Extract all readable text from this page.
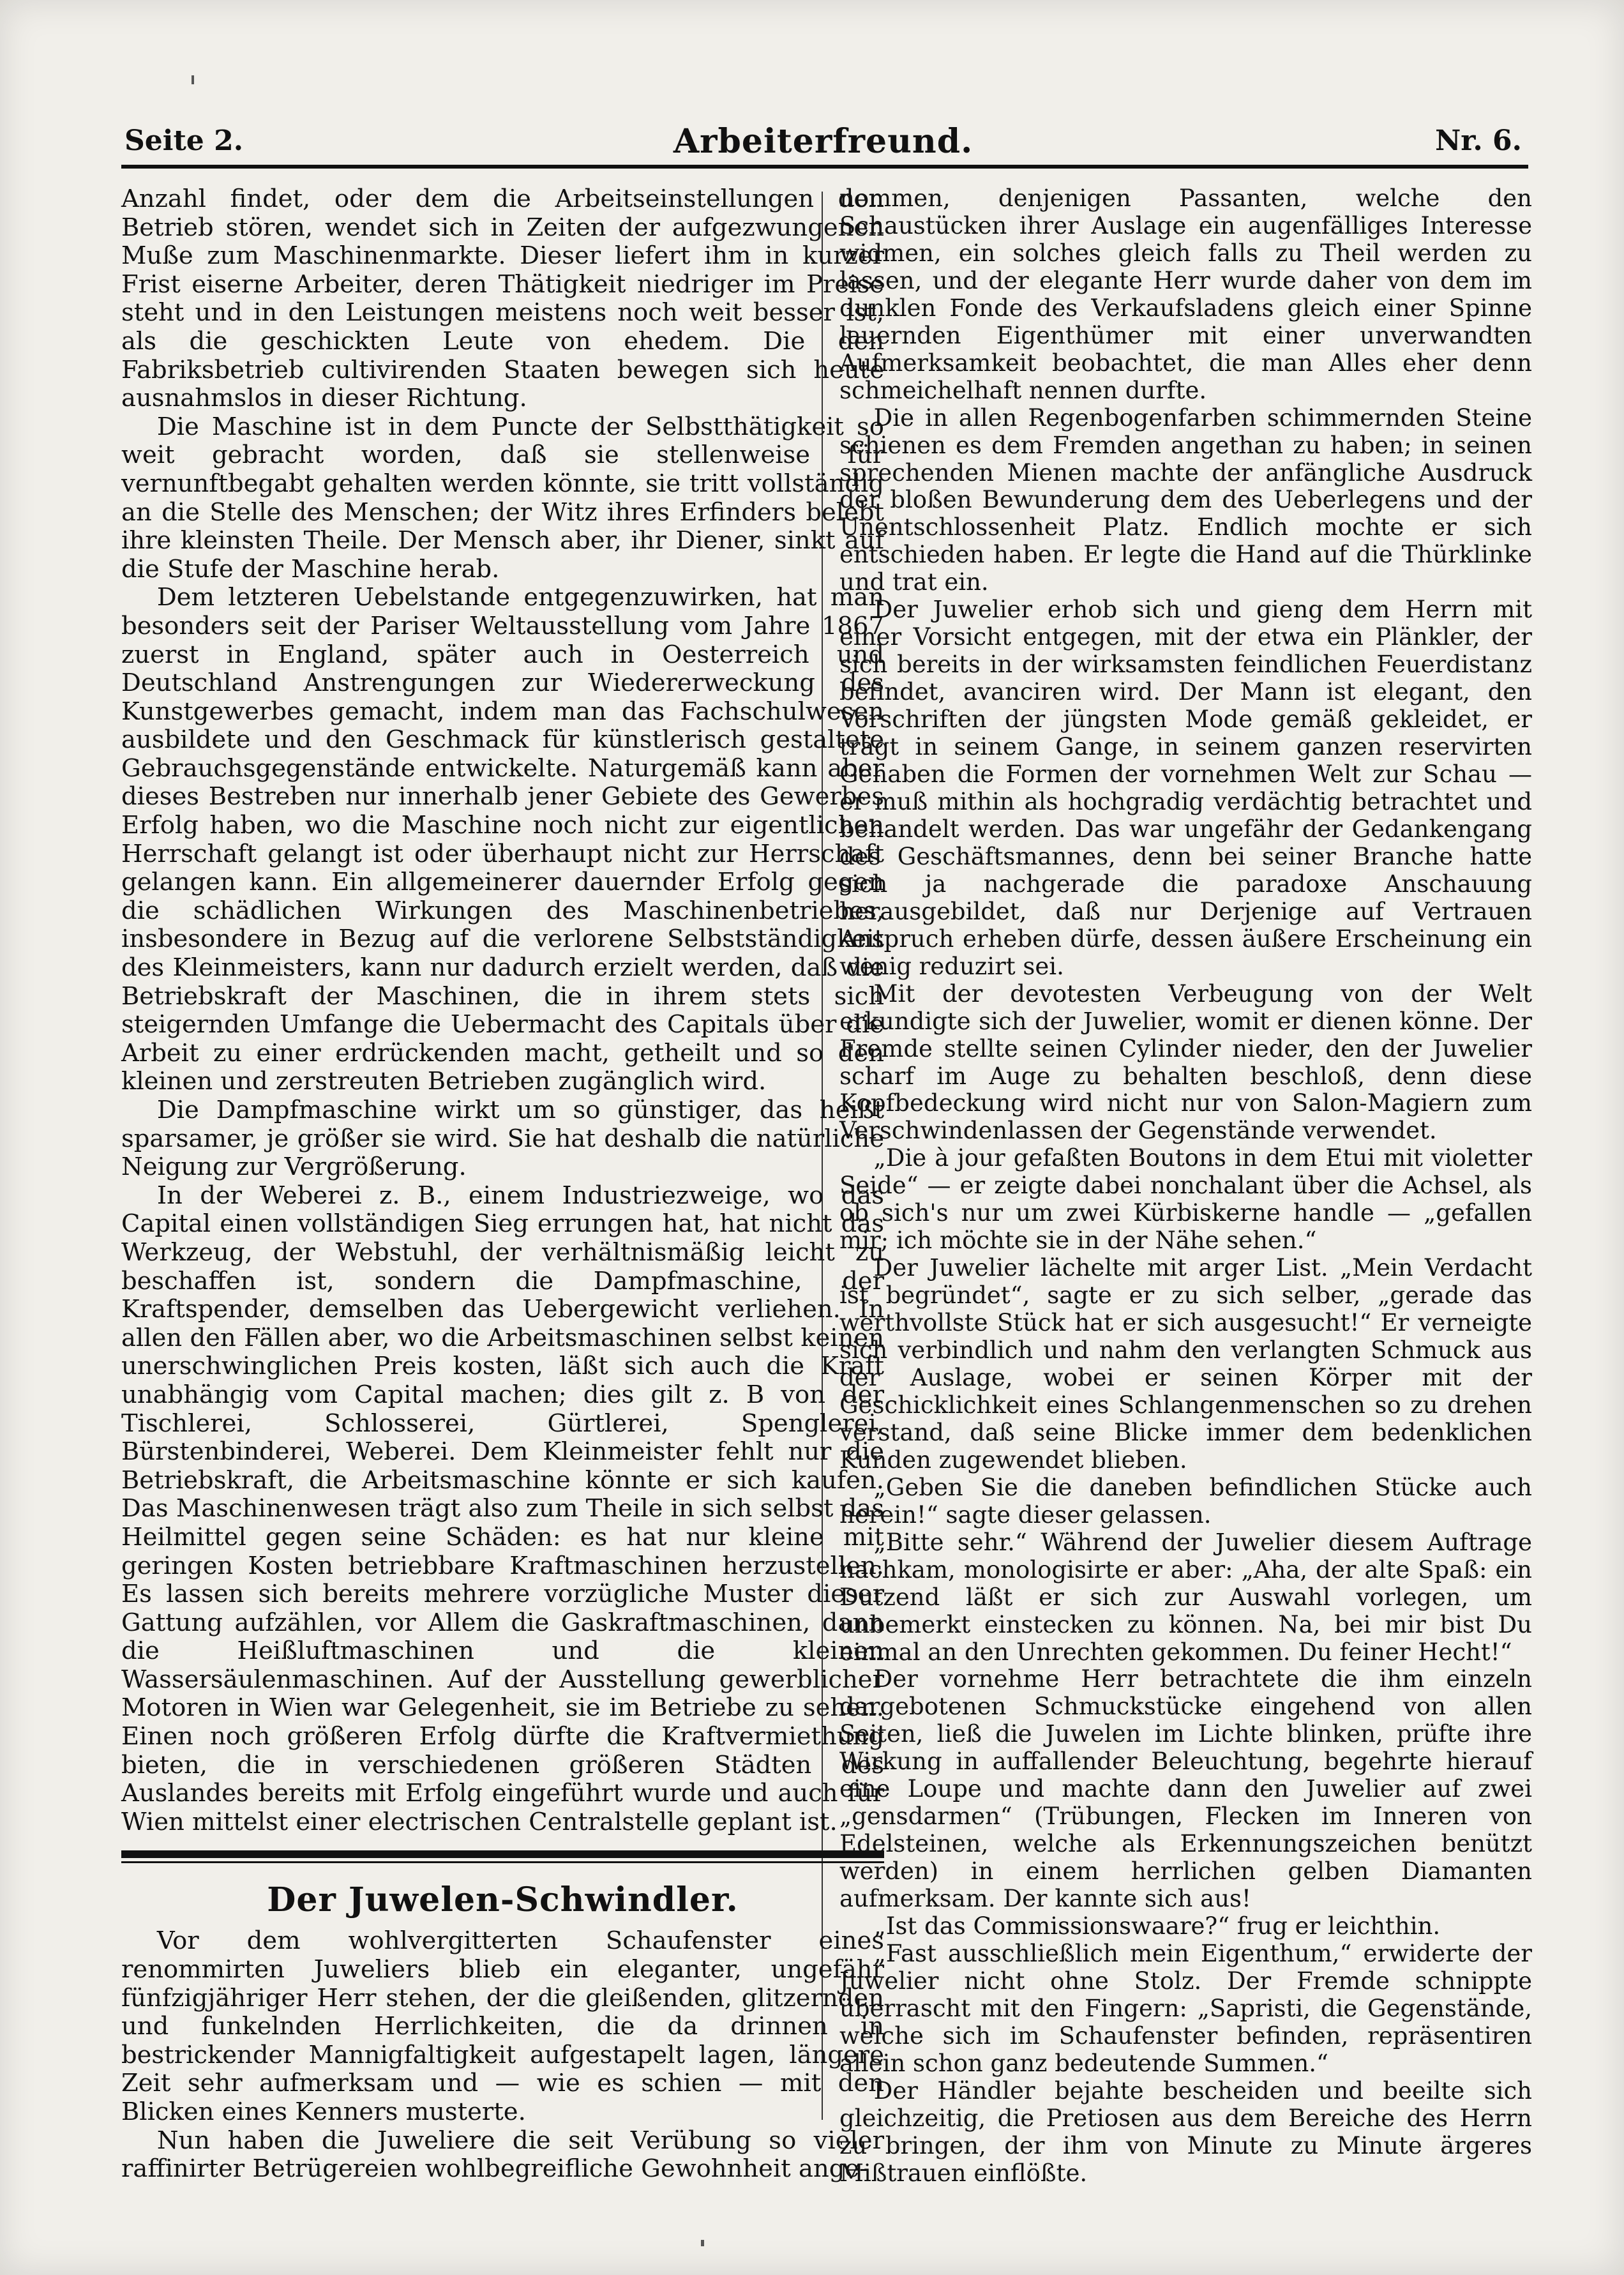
Seite 2.	Arbeiterfreund.	Nr. 6.

Anzahl findet, oder dem die Arbeitseinstellungen den Betrieb stören, wendet sich in Zeiten der aufgezwungenen Muße zum Maschinenmarkte. Dieser liefert ihm in kurzer Frist eiserne Arbeiter, deren Thätigkeit niedriger im Preise steht und in den Leistungen meistens noch weit besser ist, als die geschickten Leute von ehedem. Die den Fabriksbetrieb cultivirenden Staaten bewegen sich heute ausnahmslos in dieser Richtung.

Die Maschine ist in dem Puncte der Selbstthätigkeit so weit gebracht worden, daß sie stellenweise für vernunftbegabt gehalten werden könnte, sie tritt vollständig an die Stelle des Menschen; der Witz ihres Erfinders belebt ihre kleinsten Theile. Der Mensch aber, ihr Diener, sinkt auf die Stufe der Maschine herab.

Dem letzteren Uebelstande entgegenzuwirken, hat man besonders seit der Pariser Weltausstellung vom Jahre 1867 zuerst in England, später auch in Oesterreich und Deutschland Anstrengungen zur Wiedererweckung des Kunstgewerbes gemacht, indem man das Fachschulwesen ausbildete und den Geschmack für künstlerisch gestaltete Gebrauchsgegenstände entwickelte. Naturgemäß kann aber dieses Bestreben nur innerhalb jener Gebiete des Gewerbes Erfolg haben, wo die Maschine noch nicht zur eigentlichen Herrschaft gelangt ist oder überhaupt nicht zur Herrschaft gelangen kann. Ein allgemeinerer dauernder Erfolg gegen die schädlichen Wirkungen des Maschinenbetriebes, insbesondere in Bezug auf die verlorene Selbstständigkeit des Kleinmeisters, kann nur dadurch erzielt werden, daß die Betriebskraft der Maschinen, die in ihrem stets sich steigernden Umfange die Uebermacht des Capitals über die Arbeit zu einer erdrückenden macht, getheilt und so den kleinen und zerstreuten Betrieben zugänglich wird.

Die Dampfmaschine wirkt um so günstiger, das heißt sparsamer, je größer sie wird. Sie hat deshalb die natürliche Neigung zur Vergrößerung.

In der Weberei z. B., einem Industriezweige, wo das Capital einen vollständigen Sieg errungen hat, hat nicht das Werkzeug, der Webstuhl, der verhältnismäßig leicht zu beschaffen ist, sondern die Dampfmaschine, der Kraftspender, demselben das Uebergewicht verliehen. In allen den Fällen aber, wo die Arbeitsmaschinen selbst keinen unerschwinglichen Preis kosten, läßt sich auch die Kraft unabhängig vom Capital machen; dies gilt z. B von der Tischlerei, Schlosserei, Gürtlerei, Spenglerei, Bürstenbinderei, Weberei. Dem Kleinmeister fehlt nur die Betriebskraft, die Arbeitsmaschine könnte er sich kaufen. Das Maschinenwesen trägt also zum Theile in sich selbst das Heilmittel gegen seine Schäden: es hat nur kleine mit geringen Kosten betriebbare Kraftmaschinen herzustellen. Es lassen sich bereits mehrere vorzügliche Muster dieser Gattung aufzählen, vor Allem die Gaskraftmaschinen, dann die Heißluftmaschinen und die kleinen Wassersäulenmaschinen. Auf der Ausstellung gewerblicher Motoren in Wien war Gelegenheit, sie im Betriebe zu sehen. Einen noch größeren Erfolg dürfte die Kraftvermiethung bieten, die in verschiedenen größeren Städten des Auslandes bereits mit Erfolg eingeführt wurde und auch für Wien mittelst einer electrischen Centralstelle geplant ist.

Der Juwelen-Schwindler.

Vor dem wohlvergitterten Schaufenster eines renommirten Juweliers blieb ein eleganter, ungefähr fünfzigjähriger Herr stehen, der die gleißenden, glitzernden und funkelnden Herrlichkeiten, die da drinnen in bestrickender Mannigfaltigkeit aufgestapelt lagen, längere Zeit sehr aufmerksam und — wie es schien — mit den Blicken eines Kenners musterte.

Nun haben die Juweliere die seit Verübung so vieler raffinirter Betrügereien wohlbegreifliche Gewohnheit ange-

nommen, denjenigen Passanten, welche den Schaustücken ihrer Auslage ein augenfälliges Interesse widmen, ein solches gleich falls zu Theil werden zu lassen, und der elegante Herr wurde daher von dem im dunklen Fonde des Verkaufsladens gleich einer Spinne lauernden Eigenthümer mit einer unverwandten Aufmerksamkeit beobachtet, die man Alles eher denn schmeichelhaft nennen durfte.

Die in allen Regenbogenfarben schimmernden Steine schienen es dem Fremden angethan zu haben; in seinen sprechenden Mienen machte der anfängliche Ausdruck der bloßen Bewunderung dem des Ueberlegens und der Unentschlossenheit Platz. Endlich mochte er sich entschieden haben. Er legte die Hand auf die Thürklinke und trat ein.

Der Juwelier erhob sich und gieng dem Herrn mit einer Vorsicht entgegen, mit der etwa ein Plänkler, der sich bereits in der wirksamsten feindlichen Feuerdistanz befindet, avanciren wird. Der Mann ist elegant, den Vorschriften der jüngsten Mode gemäß gekleidet, er trägt in seinem Gange, in seinem ganzen reservirten Gehaben die Formen der vornehmen Welt zur Schau — er muß mithin als hochgradig verdächtig betrachtet und behandelt werden. Das war ungefähr der Gedankengang des Geschäftsmannes, denn bei seiner Branche hatte sich ja nachgerade die paradoxe Anschauung herausgebildet, daß nur Derjenige auf Vertrauen Anspruch erheben dürfe, dessen äußere Erscheinung ein wenig reduzirt sei.

Mit der devotesten Verbeugung von der Welt erkundigte sich der Juwelier, womit er dienen könne. Der Fremde stellte seinen Cylinder nieder, den der Juwelier scharf im Auge zu behalten beschloß, denn diese Kopfbedeckung wird nicht nur von Salon-Magiern zum Verschwindenlassen der Gegenstände verwendet.

„Die à jour gefaßten Boutons in dem Etui mit violetter Seide“ — er zeigte dabei nonchalant über die Achsel, als ob sich's nur um zwei Kürbiskerne handle — „gefallen mir; ich möchte sie in der Nähe sehen.“

Der Juwelier lächelte mit arger List. „Mein Verdacht ist begründet“, sagte er zu sich selber, „gerade das werthvollste Stück hat er sich ausgesucht!“ Er verneigte sich verbindlich und nahm den verlangten Schmuck aus der Auslage, wobei er seinen Körper mit der Geschicklichkeit eines Schlangenmenschen so zu drehen verstand, daß seine Blicke immer dem bedenklichen Kunden zugewendet blieben.

„Geben Sie die daneben befindlichen Stücke auch herein!“ sagte dieser gelassen.

„Bitte sehr.“ Während der Juwelier diesem Auftrage nachkam, monologisirte er aber: „Aha, der alte Spaß: ein Dutzend läßt er sich zur Auswahl vorlegen, um unbemerkt einstecken zu können. Na, bei mir bist Du einmal an den Unrechten gekommen. Du feiner Hecht!“

Der vornehme Herr betrachtete die ihm einzeln dargebotenen Schmuckstücke eingehend von allen Seiten, ließ die Juwelen im Lichte blinken, prüfte ihre Wirkung in auffallender Beleuchtung, begehrte hierauf eine Loupe und machte dann den Juwelier auf zwei „gensdarmen“ (Trübungen, Flecken im Inneren von Edelsteinen, welche als Erkennungszeichen benützt werden) in einem herrlichen gelben Diamanten aufmerksam. Der kannte sich aus!

„Ist das Commissionswaare?“ frug er leichthin.

„Fast ausschließlich mein Eigenthum,“ erwiderte der Juwelier nicht ohne Stolz. Der Fremde schnippte überrascht mit den Fingern: „Sapristi, die Gegenstände, welche sich im Schaufenster befinden, repräsentiren allein schon ganz bedeutende Summen.“

Der Händler bejahte bescheiden und beeilte sich gleichzeitig, die Pretiosen aus dem Bereiche des Herrn zu bringen, der ihm von Minute zu Minute ärgeres Mißtrauen einflößte.
